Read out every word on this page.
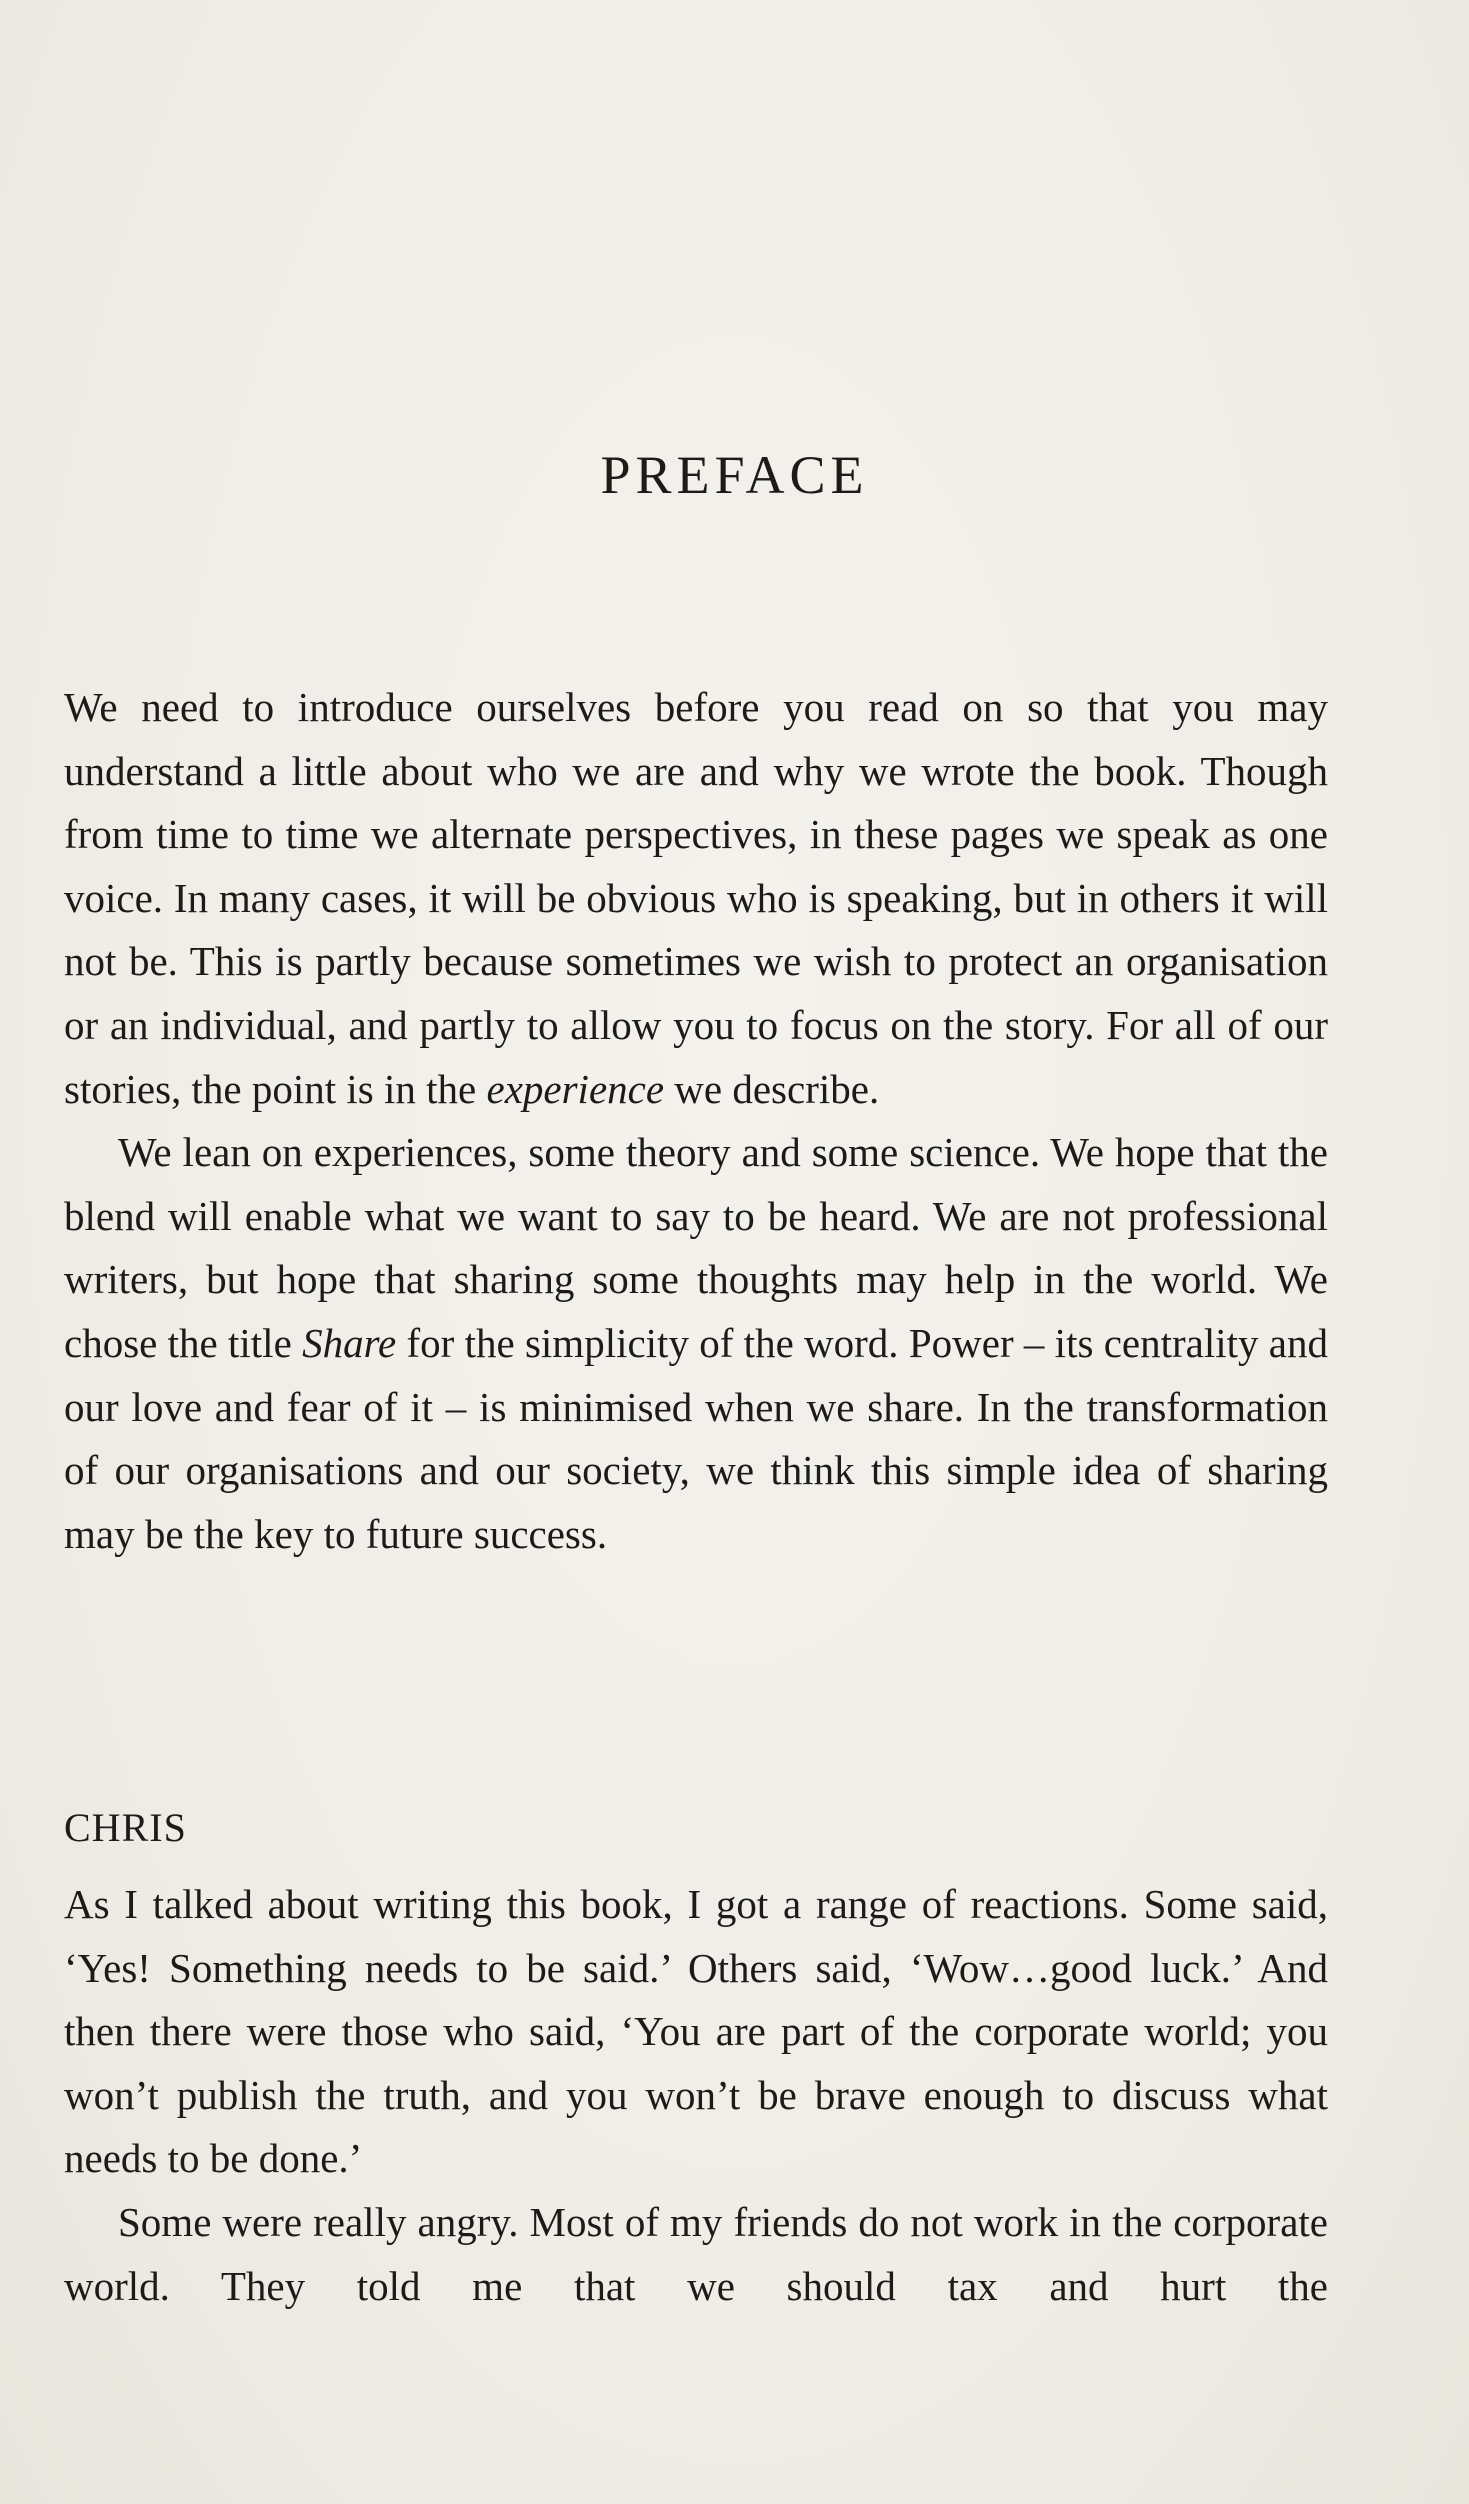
PREFACE

We need to introduce ourselves before you read on so that you may understand a little about who we are and why we wrote the book. Though from time to time we alternate perspectives, in these pages we speak as one voice. In many cases, it will be obvious who is speaking, but in others it will not be. This is partly because sometimes we wish to protect an organisation or an individual, and partly to allow you to focus on the story. For all of our stories, the point is in the experience we describe.

We lean on experiences, some theory and some science. We hope that the blend will enable what we want to say to be heard. We are not professional writers, but hope that sharing some thoughts may help in the world. We chose the title Share for the simplicity of the word. Power – its centrality and our love and fear of it – is minimised when we share. In the transformation of our organisations and our society, we think this simple idea of sharing may be the key to future success.

CHRIS

As I talked about writing this book, I got a range of reactions. Some said, ‘Yes! Something needs to be said.’ Others said, ‘Wow…good luck.’ And then there were those who said, ‘You are part of the corporate world; you won’t publish the truth, and you won’t be brave enough to discuss what needs to be done.’

Some were really angry. Most of my friends do not work in the corporate world. They told me that we should tax and hurt the
